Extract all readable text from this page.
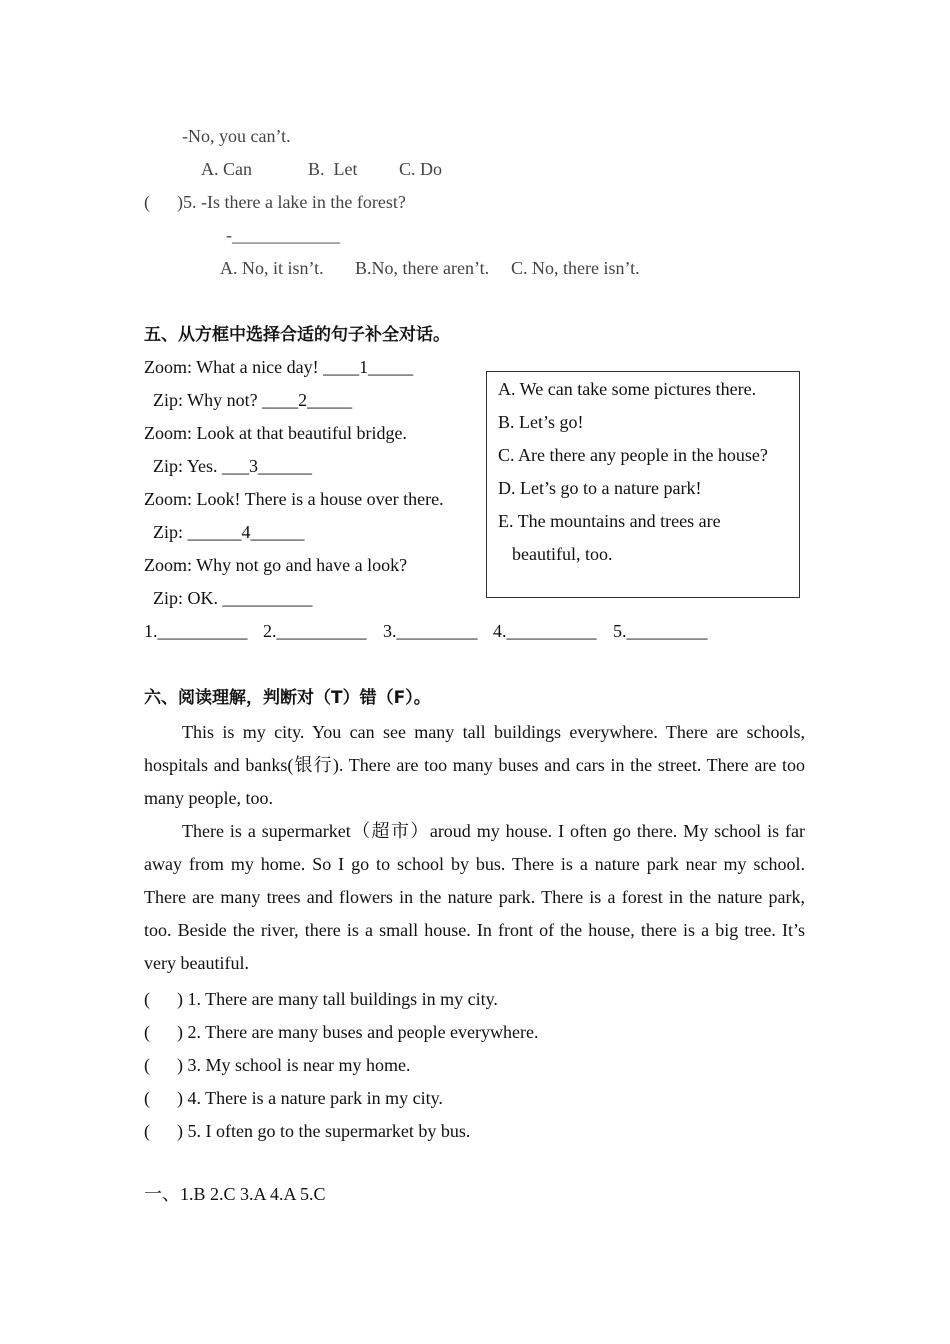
-No, you can’t.
A. Can	B.  Let C. Do
(      )5. -Is there a lake in the forest?
-____________
A. No, it isn’t. B.No, there aren’t. C. No, there isn’t.
五、从方框中选择合适的句子补全对话。
Zoom: What a nice day! ____1_____
Zip: Why not? ____2_____
Zoom: Look at that beautiful bridge.
Zip: Yes. ___3______
Zoom: Look! There is a house over there.
Zip: ______4______
Zoom: Why not go and have a look?
Zip: OK. __________
A. We can take some pictures there.
B. Let’s go!
C. Are there any people in the house?
D. Let’s go to a nature park!
E. The mountains and trees are
beautiful, too.
1.__________ 2.__________ 3._________ 4.__________ 5._________
六、阅读理解，判断对（T）错（F）。

This is my city. You can see many tall buildings everywhere. There are schools, hospitals and banks(银行). There are too many buses and cars in the street. There are too many people, too.

There is a supermarket（超市）aroud my house. I often go there. My school is far away from my home. So I go to school by bus. There is a nature park near my school. There are many trees and flowers in the nature park. There is a forest in the nature park, too. Beside the river, there is a small house. In front of the house, there is a big tree. It’s very beautiful.

(      ) 1. There are many tall buildings in my city.
(      ) 2. There are many buses and people everywhere.
(      ) 3. My school is near my home.
(      ) 4. There is a nature park in my city.
(      ) 5. I often go to the supermarket by bus.
一、1.B 2.C 3.A 4.A 5.C
